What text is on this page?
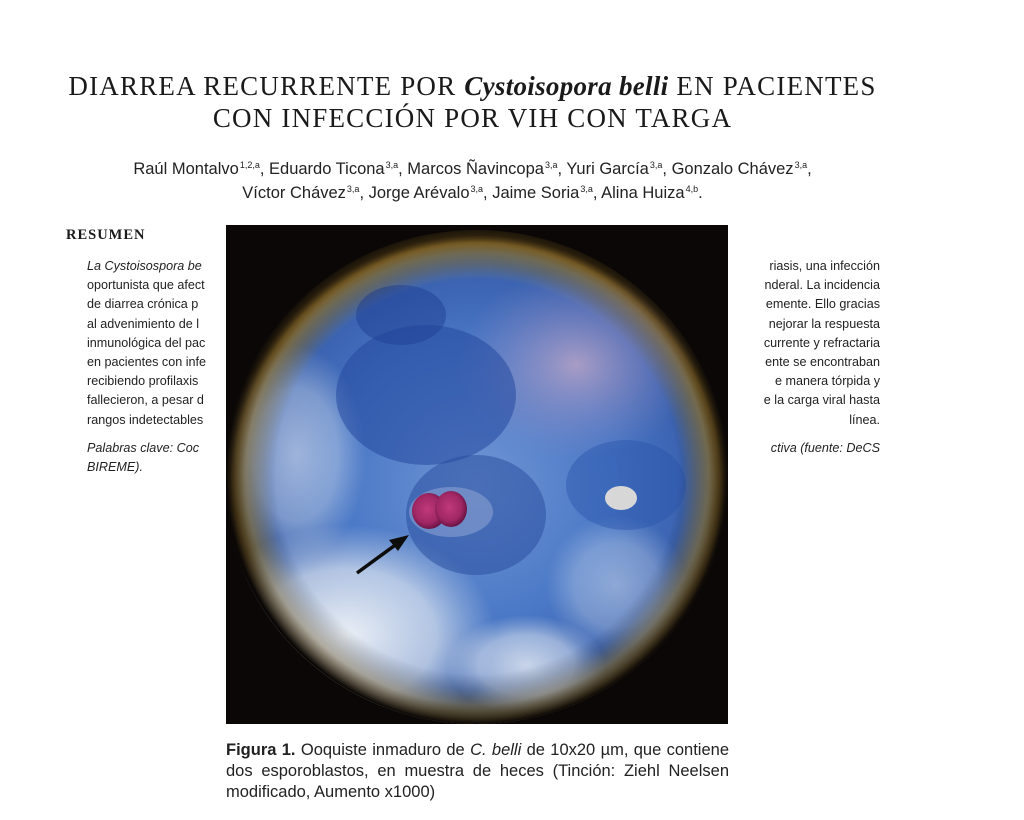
DIARREA RECURRENTE POR Cystoisopora belli EN PACIENTES
CON INFECCIÓN POR VIH CON TARGA
Raúl Montalvo$^{1,2,a}$, Eduardo Ticona$^{3,a}$, Marcos Ñavincopa$^{3,a}$, Yuri García$^{3,a}$, Gonzalo Chávez$^{3,a}$,
Víctor Chávez$^{3,a}$, Jorge Arévalo$^{3,a}$, Jaime Soria$^{3,a}$, Alina Huiza$^{4,b}$.
RESUMEN
La Cystoisospora be
oportunista que afect
de diarrea crónica p
al advenimiento de l
inmunológica del pac
en pacientes con infe
recibiendo profilaxis
fallecieron, a pesar d
rangos indetectables
Palabras clave: Coc
BIREME).
riasis, una infección
nderal. La incidencia
emente. Ello gracias
nejorar la respuesta
currente y refractaria
ente se encontraban
e manera tórpida y
e la carga viral hasta
línea.
ctiva (fuente: DeCS
Figura 1. Ooquiste inmaduro de C. belli de 10x20 µm, que contiene dos esporoblastos, en muestra de heces (Tinción: Ziehl Neelsen modificado, Aumento x1000)
